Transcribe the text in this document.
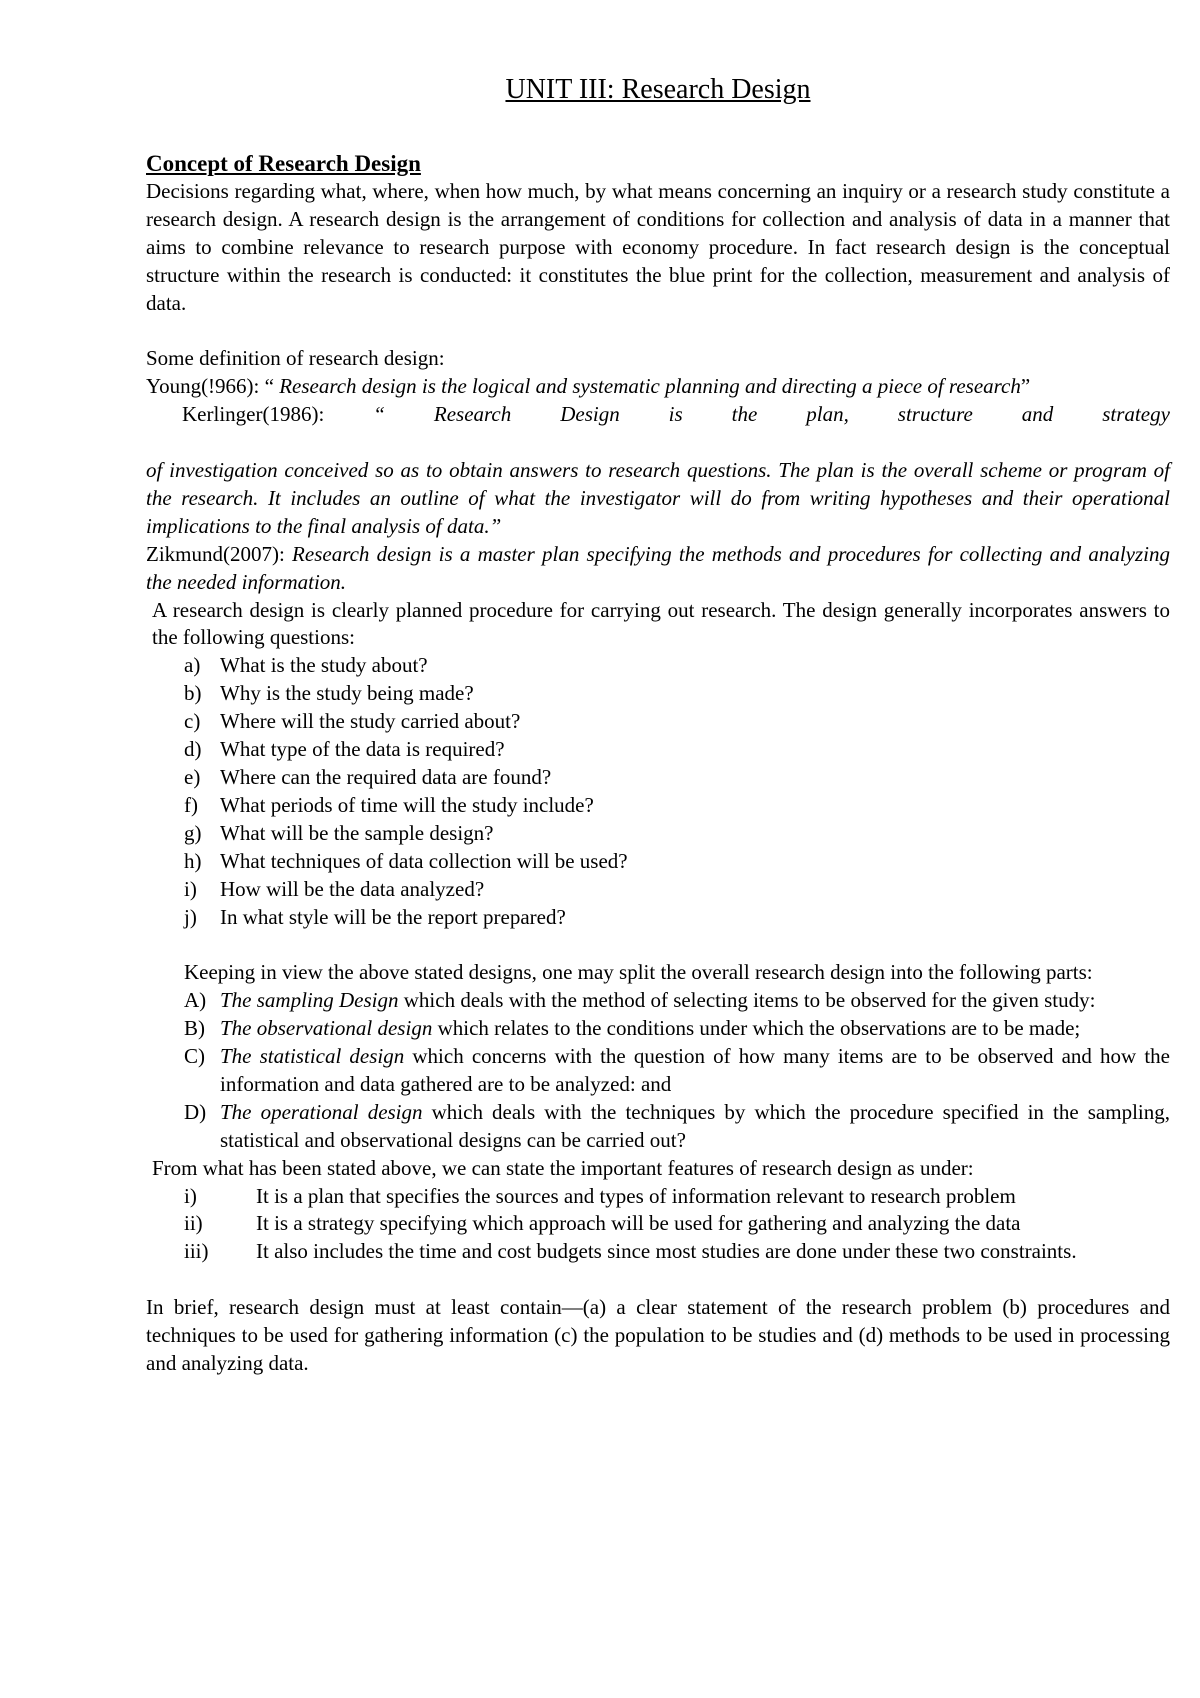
UNIT III: Research Design
Concept of Research Design

Decisions regarding what, where, when how much, by what means concerning an inquiry or a research study constitute a research design. A research design is the arrangement of conditions for collection and analysis of data in a manner that aims to combine relevance to research purpose with economy procedure. In fact research design is the conceptual structure within the research is conducted: it constitutes the blue print for the collection, measurement and analysis of data.

Some definition of research design:

Young(!966): “ Research design is the logical and systematic planning and directing a piece of research”

Kerlinger(1986): “ Research Design is the plan, structure and strategy

of investigation conceived so as to obtain answers to research questions. The plan is the overall scheme or program of the research. It includes an outline of what the investigator will do from writing hypotheses and their operational implications to the final analysis of data.”

Zikmund(2007): Research design is a master plan specifying the methods and procedures for collecting and analyzing the needed information.

A research design is clearly planned procedure for carrying out research. The design generally incorporates answers to the following questions:

a) What is the study about?
b) Why is the study being made?
c) Where will the study carried about?
d) What type of the data is required?
e) Where can the required data are found?
f)	What periods of time will the study include?
g) What will be the sample design?
h) What techniques of data collection will be used?
i)	How will be the data analyzed?
j)	In what style will be the report prepared?

Keeping in view the above stated designs, one may split the overall research design into the following parts:

A) The sampling Design which deals with the method of selecting items to be observed for the given study:
B) The observational design which relates to the conditions under which the observations are to be made;
C) The statistical design which concerns with the question of how many items are to be observed and how the information and data gathered are to be analyzed: and
D) The operational design which deals with the techniques by which the procedure specified in the sampling, statistical and observational designs can be carried out?

From what has been stated above, we can state the important features of research design as under:

i)	It is a plan that specifies the sources and types of information relevant to research problem
ii)	It is a strategy specifying which approach will be used for gathering and analyzing the data
iii)	It also includes the time and cost budgets since most studies are done under these two constraints.

In brief, research design must at least contain—(a) a clear statement of the research problem (b) procedures and techniques to be used for gathering information (c) the population to be studies and (d) methods to be used in processing and analyzing data.
